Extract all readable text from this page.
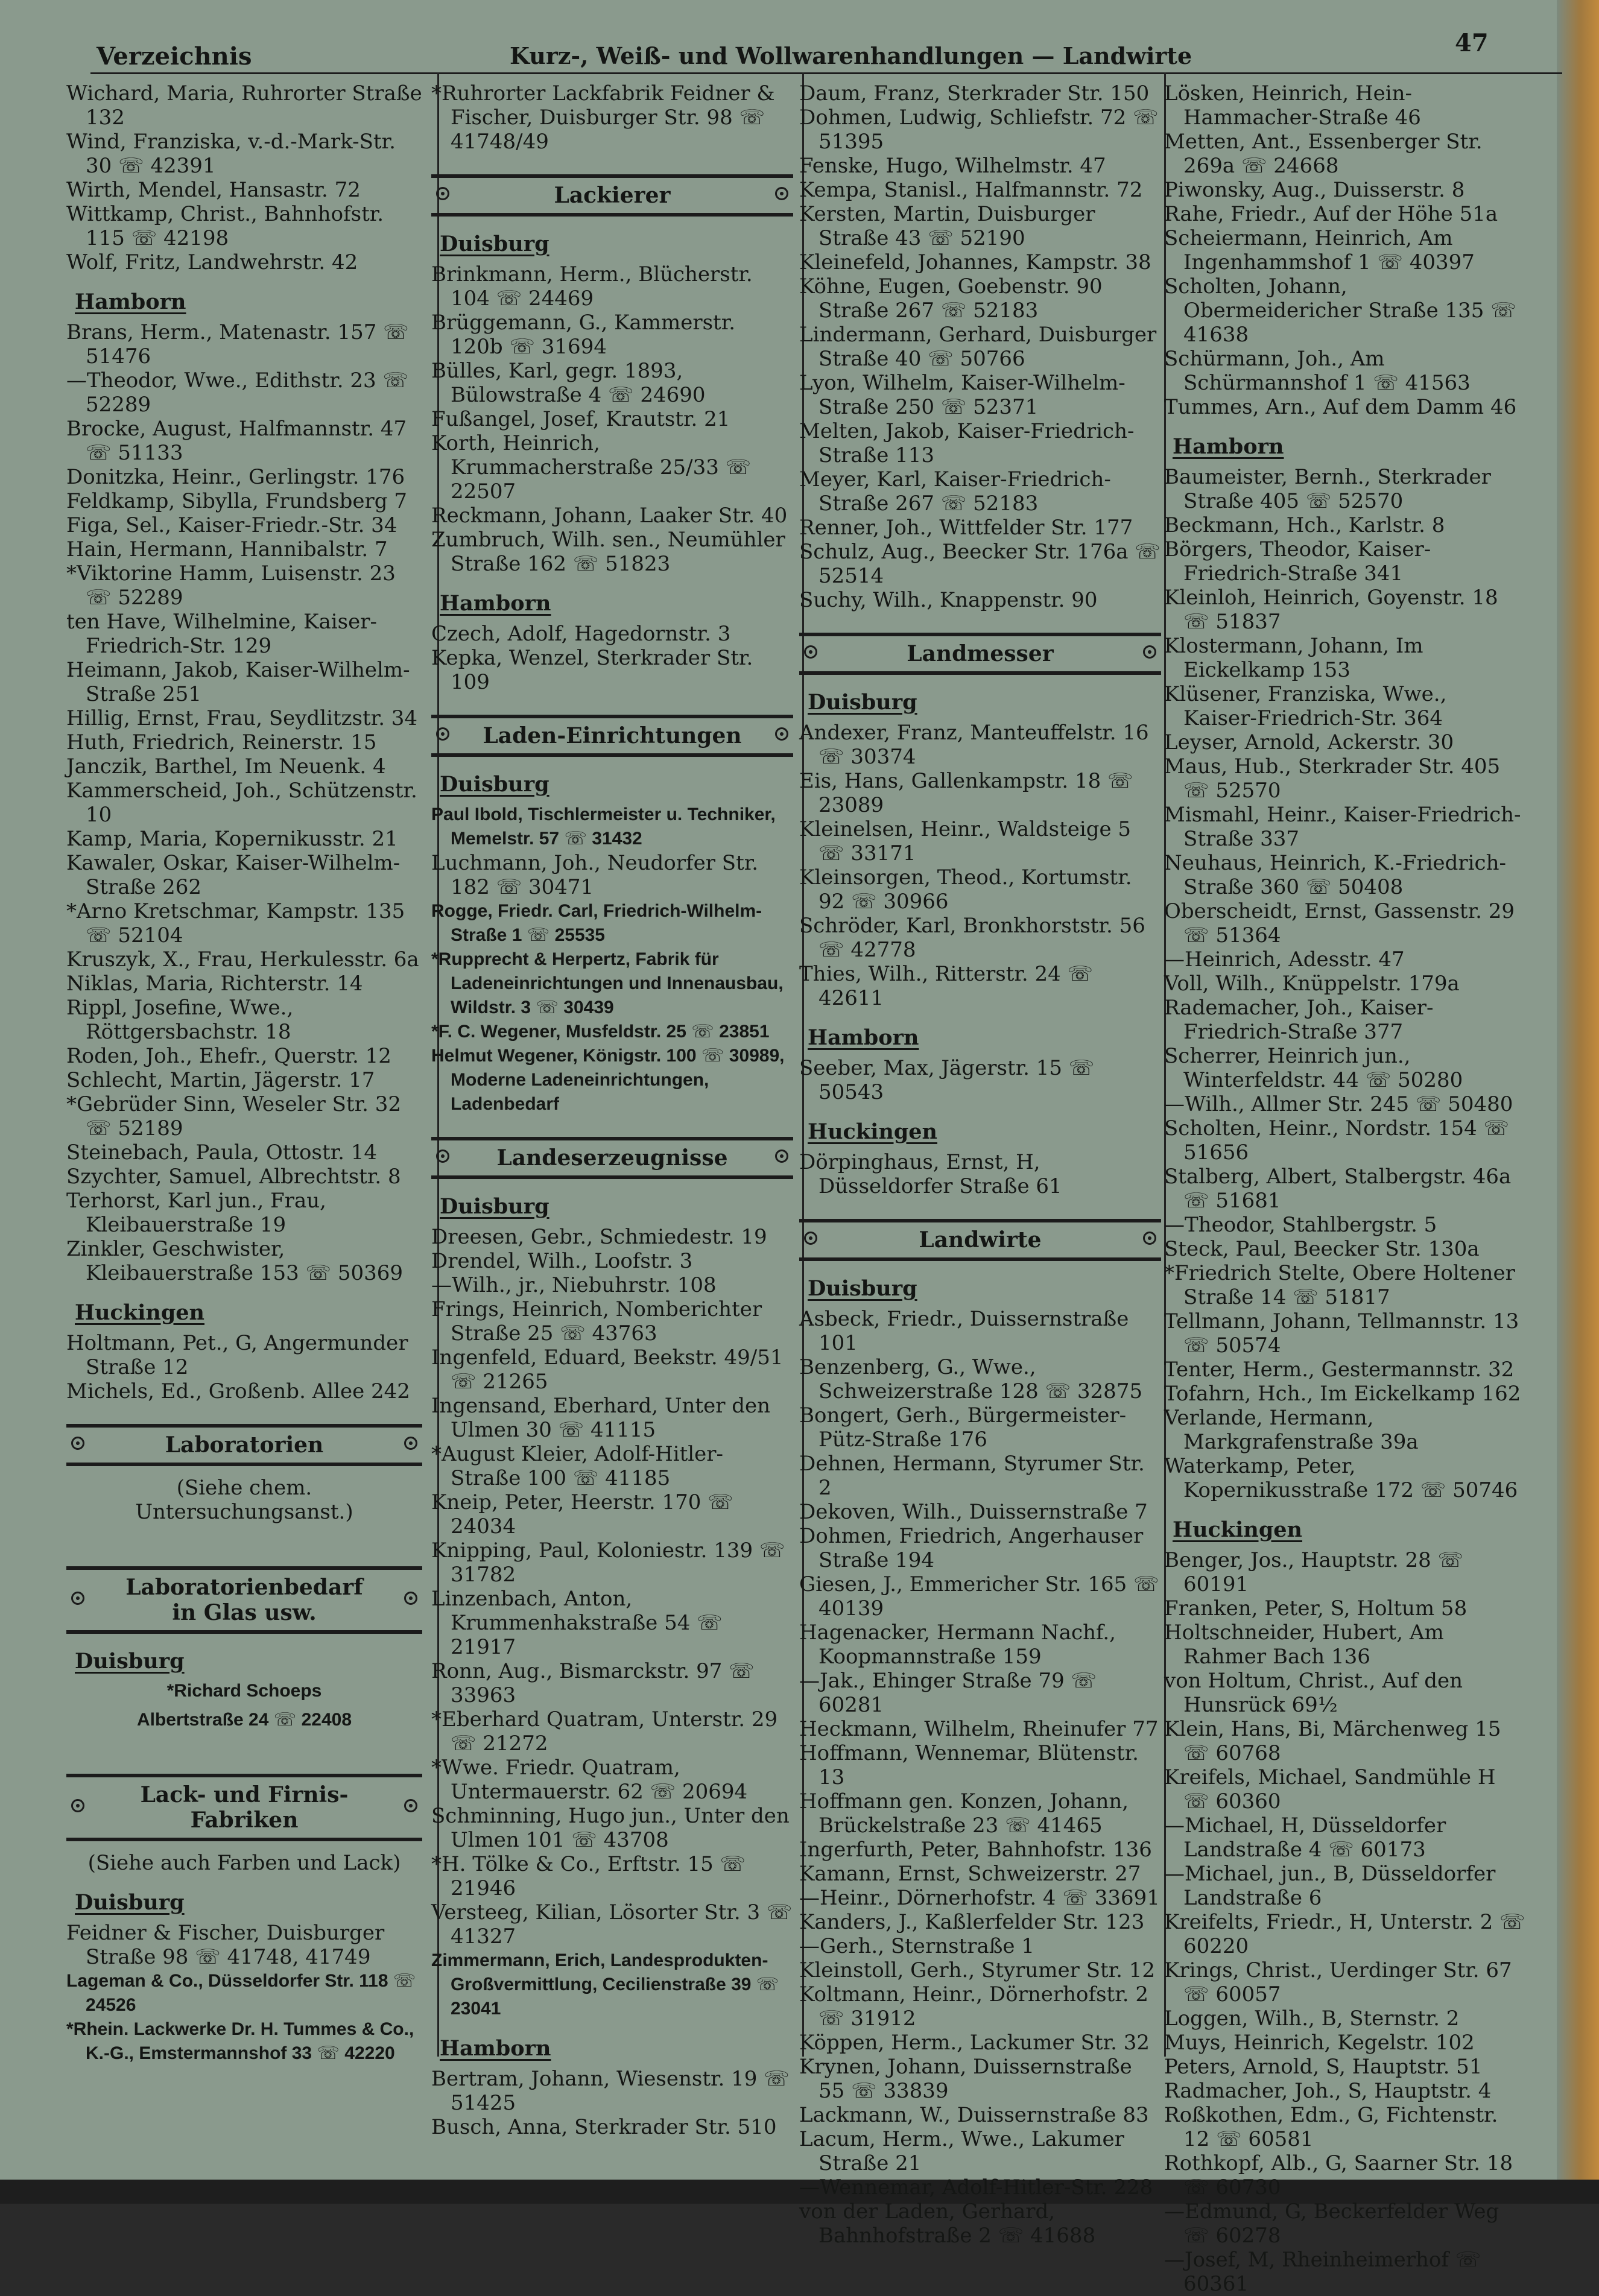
Verzeichnis	Kurz-, Weiß- und Wollwarenhandlungen — Landwirte	47
Wichard, Maria, Ruhrorter Straße 132
Wind, Franziska, v.-d.-Mark-Str. 30 ☏ 42391
Wirth, Mendel, Hansastr. 72
Wittkamp, Christ., Bahnhofstr. 115 ☏ 42198
Wolf, Fritz, Landwehrstr. 42
Hamborn
Brans, Herm., Matenastr. 157 ☏ 51476
—Theodor, Wwe., Edithstr. 23 ☏ 52289
Brocke, August, Halfmannstr. 47 ☏ 51133
Donitzka, Heinr., Gerlingstr. 176
Feldkamp, Sibylla, Frundsberg 7
Figa, Sel., Kaiser-Friedr.-Str. 34
Hain, Hermann, Hannibalstr. 7
*Viktorine Hamm, Luisenstr. 23 ☏ 52289
ten Have, Wilhelmine, Kaiser-Friedrich-Str. 129
Heimann, Jakob, Kaiser-Wilhelm-Straße 251
Hillig, Ernst, Frau, Seydlitzstr. 34
Huth, Friedrich, Reinerstr. 15
Janczik, Barthel, Im Neuenk. 4
Kammerscheid, Joh., Schützenstr. 10
Kamp, Maria, Kopernikusstr. 21
Kawaler, Oskar, Kaiser-Wilhelm-Straße 262
*Arno Kretschmar, Kampstr. 135 ☏ 52104
Kruszyk, X., Frau, Herkulesstr. 6a
Niklas, Maria, Richterstr. 14
Rippl, Josefine, Wwe., Röttgersbachstr. 18
Roden, Joh., Ehefr., Querstr. 12
Schlecht, Martin, Jägerstr. 17
*Gebrüder Sinn, Weseler Str. 32 ☏ 52189
Steinebach, Paula, Ottostr. 14
Szychter, Samuel, Albrechtstr. 8
Terhorst, Karl jun., Frau, Kleibauerstraße 19
Zinkler, Geschwister, Kleibauerstraße 153 ☏ 50369
Huckingen
Holtmann, Pet., G, Angermunder Straße 12
Michels, Ed., Großenb. Allee 242
Laboratorien
(Siehe chem. Untersuchungsanst.)
Laboratorienbedarf
in Glas usw.
Duisburg
*Richard Schoeps
Albertstraße 24 ☏ 22408
Lack- und Firnis-Fabriken
(Siehe auch Farben und Lack)
Duisburg
Feidner & Fischer, Duisburger Straße 98 ☏ 41748, 41749
Lageman & Co., Düsseldorfer Str. 118 ☏ 24526
*Rhein. Lackwerke Dr. H. Tummes & Co., K.-G., Emstermannshof 33 ☏ 42220
*Ruhrorter Lackfabrik Feidner & Fischer, Duisburger Str. 98 ☏ 41748/49
Lackierer
Duisburg
Brinkmann, Herm., Blücherstr. 104 ☏ 24469
Brüggemann, G., Kammerstr. 120b ☏ 31694
Bülles, Karl, gegr. 1893, Bülowstraße 4 ☏ 24690
Fußangel, Josef, Krautstr. 21
Korth, Heinrich, Krummacherstraße 25/33 ☏ 22507
Reckmann, Johann, Laaker Str. 40
Zumbruch, Wilh. sen., Neumühler Straße 162 ☏ 51823
Hamborn
Czech, Adolf, Hagedornstr. 3
Kepka, Wenzel, Sterkrader Str. 109
Laden-Einrichtungen
Duisburg
Paul Ibold, Tischlermeister u. Techniker, Memelstr. 57 ☏ 31432
Luchmann, Joh., Neudorfer Str. 182 ☏ 30471
Rogge, Friedr. Carl, Friedrich-Wilhelm-Straße 1 ☏ 25535
*Rupprecht & Herpertz, Fabrik für Ladeneinrichtungen und Innenausbau, Wildstr. 3 ☏ 30439
*F. C. Wegener, Musfeldstr. 25 ☏ 23851
Helmut Wegener, Königstr. 100 ☏ 30989, Moderne Ladeneinrichtungen, Ladenbedarf
Landeserzeugnisse
Duisburg
Dreesen, Gebr., Schmiedestr. 19
Drendel, Wilh., Loofstr. 3
—Wilh., jr., Niebuhrstr. 108
Frings, Heinrich, Nomberichter Straße 25 ☏ 43763
Ingenfeld, Eduard, Beekstr. 49/51 ☏ 21265
Ingensand, Eberhard, Unter den Ulmen 30 ☏ 41115
*August Kleier, Adolf-Hitler-Straße 100 ☏ 41185
Kneip, Peter, Heerstr. 170 ☏ 24034
Knipping, Paul, Koloniestr. 139 ☏ 31782
Linzenbach, Anton, Krummenhakstraße 54 ☏ 21917
Ronn, Aug., Bismarckstr. 97 ☏ 33963
*Eberhard Quatram, Unterstr. 29 ☏ 21272
*Wwe. Friedr. Quatram, Untermauerstr. 62 ☏ 20694
Schminning, Hugo jun., Unter den Ulmen 101 ☏ 43708
*H. Tölke & Co., Erftstr. 15 ☏ 21946
Versteeg, Kilian, Lösorter Str. 3 ☏ 41327
Zimmermann, Erich, Landesprodukten-Großvermittlung, Cecilienstraße 39 ☏ 23041
Hamborn
Bertram, Johann, Wiesenstr. 19 ☏ 51425
Busch, Anna, Sterkrader Str. 510
Daum, Franz, Sterkrader Str. 150
Dohmen, Ludwig, Schliefstr. 72 ☏ 51395
Fenske, Hugo, Wilhelmstr. 47
Kempa, Stanisl., Halfmannstr. 72
Kersten, Martin, Duisburger Straße 43 ☏ 52190
Kleinefeld, Johannes, Kampstr. 38
Köhne, Eugen, Goebenstr. 90 Straße 267 ☏ 52183
Lindermann, Gerhard, Duisburger Straße 40 ☏ 50766
Lyon, Wilhelm, Kaiser-Wilhelm-Straße 250 ☏ 52371
Melten, Jakob, Kaiser-Friedrich-Straße 113
Meyer, Karl, Kaiser-Friedrich-Straße 267 ☏ 52183
Renner, Joh., Wittfelder Str. 177
Schulz, Aug., Beecker Str. 176a ☏ 52514
Suchy, Wilh., Knappenstr. 90
Landmesser
Duisburg
Andexer, Franz, Manteuffelstr. 16 ☏ 30374
Eis, Hans, Gallenkampstr. 18 ☏ 23089
Kleinelsen, Heinr., Waldsteige 5 ☏ 33171
Kleinsorgen, Theod., Kortumstr. 92 ☏ 30966
Schröder, Karl, Bronkhorststr. 56 ☏ 42778
Thies, Wilh., Ritterstr. 24 ☏ 42611
Hamborn
Seeber, Max, Jägerstr. 15 ☏ 50543
Huckingen
Dörpinghaus, Ernst, H, Düsseldorfer Straße 61
Landwirte
Duisburg
Asbeck, Friedr., Duissernstraße 101
Benzenberg, G., Wwe., Schweizerstraße 128 ☏ 32875
Bongert, Gerh., Bürgermeister-Pütz-Straße 176
Dehnen, Hermann, Styrumer Str. 2
Dekoven, Wilh., Duissernstraße 7
Dohmen, Friedrich, Angerhauser Straße 194
Giesen, J., Emmericher Str. 165 ☏ 40139
Hagenacker, Hermann Nachf., Koopmannstraße 159
—Jak., Ehinger Straße 79 ☏ 60281
Heckmann, Wilhelm, Rheinufer 77
Hoffmann, Wennemar, Blütenstr. 13
Hoffmann gen. Konzen, Johann, Brückelstraße 23 ☏ 41465
Ingerfurth, Peter, Bahnhofstr. 136
Kamann, Ernst, Schweizerstr. 27
—Heinr., Dörnerhofstr. 4 ☏ 33691
Kanders, J., Kaßlerfelder Str. 123
—Gerh., Sternstraße 1
Kleinstoll, Gerh., Styrumer Str. 12
Koltmann, Heinr., Dörnerhofstr. 2 ☏ 31912
Köppen, Herm., Lackumer Str. 32
Krynen, Johann, Duissernstraße 55 ☏ 33839
Lackmann, W., Duissernstraße 83
Lacum, Herm., Wwe., Lakumer Straße 21
—Wennemar, Adolf-Hitler-Str. 228
von der Laden, Gerhard, Bahnhofstraße 2 ☏ 41688
Lösken, Heinrich, Hein-Hammacher-Straße 46
Metten, Ant., Essenberger Str. 269a ☏ 24668
Piwonsky, Aug., Duisserstr. 8
Rahe, Friedr., Auf der Höhe 51a
Scheiermann, Heinrich, Am Ingenhammshof 1 ☏ 40397
Scholten, Johann, Obermeidericher Straße 135 ☏ 41638
Schürmann, Joh., Am Schürmannshof 1 ☏ 41563
Tummes, Arn., Auf dem Damm 46
Hamborn
Baumeister, Bernh., Sterkrader Straße 405 ☏ 52570
Beckmann, Hch., Karlstr. 8
Börgers, Theodor, Kaiser-Friedrich-Straße 341
Kleinloh, Heinrich, Goyenstr. 18 ☏ 51837
Klostermann, Johann, Im Eickelkamp 153
Klüsener, Franziska, Wwe., Kaiser-Friedrich-Str. 364
Leyser, Arnold, Ackerstr. 30
Maus, Hub., Sterkrader Str. 405 ☏ 52570
Mismahl, Heinr., Kaiser-Friedrich-Straße 337
Neuhaus, Heinrich, K.-Friedrich-Straße 360 ☏ 50408
Oberscheidt, Ernst, Gassenstr. 29 ☏ 51364
—Heinrich, Adesstr. 47
Voll, Wilh., Knüppelstr. 179a
Rademacher, Joh., Kaiser-Friedrich-Straße 377
Scherrer, Heinrich jun., Winterfeldstr. 44 ☏ 50280
—Wilh., Allmer Str. 245 ☏ 50480
Scholten, Heinr., Nordstr. 154 ☏ 51656
Stalberg, Albert, Stalbergstr. 46a ☏ 51681
—Theodor, Stahlbergstr. 5
Steck, Paul, Beecker Str. 130a
*Friedrich Stelte, Obere Holtener Straße 14 ☏ 51817
Tellmann, Johann, Tellmannstr. 13 ☏ 50574
Tenter, Herm., Gestermannstr. 32
Tofahrn, Hch., Im Eickelkamp 162
Verlande, Hermann, Markgrafenstraße 39a
Waterkamp, Peter, Kopernikusstraße 172 ☏ 50746
Huckingen
Benger, Jos., Hauptstr. 28 ☏ 60191
Franken, Peter, S, Holtum 58
Holtschneider, Hubert, Am Rahmer Bach 136
von Holtum, Christ., Auf den Hunsrück 69½
Klein, Hans, Bi, Märchenweg 15 ☏ 60768
Kreifels, Michael, Sandmühle H ☏ 60360
—Michael, H, Düsseldorfer Landstraße 4 ☏ 60173
—Michael, jun., B, Düsseldorfer Landstraße 6
Kreifelts, Friedr., H, Unterstr. 2 ☏ 60220
Krings, Christ., Uerdinger Str. 67 ☏ 60057
Loggen, Wilh., B, Sternstr. 2
Muys, Heinrich, Kegelstr. 102
Peters, Arnold, S, Hauptstr. 51
Radmacher, Joh., S, Hauptstr. 4
Roßkothen, Edm., G, Fichtenstr. 12 ☏ 60581
Rothkopf, Alb., G, Saarner Str. 18 ☏ 60730
—Edmund, G, Beckerfelder Weg ☏ 60278
—Josef, M, Rheinheimerhof ☏ 60361
